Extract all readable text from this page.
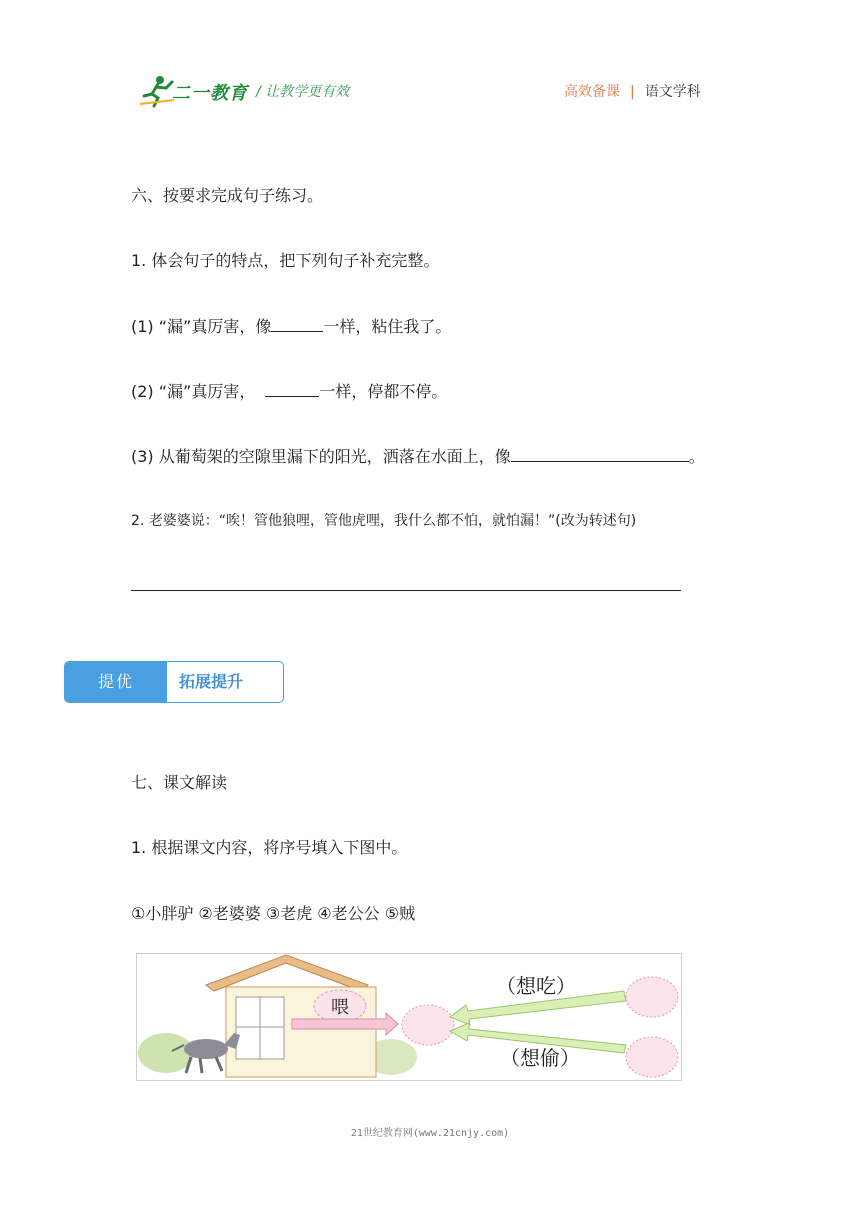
二一教育 / 让教学更有效	高效备课 | 语文学科
六、按要求完成句子练习。
1. 体会句子的特点，把下列句子补充完整。
(1) “漏”真厉害，像	一样，粘住我了。
(2) “漏”真厉害，	一样，停都不停。
(3) 从葡萄架的空隙里漏下的阳光，洒落在水面上，像	。
2. 老婆婆说：“唉！管他狼哩，管他虎哩，我什么都不怕，就怕漏！”(改为转述句)
提优	拓展提升
七、课文解读
1. 根据课文内容，将序号填入下图中。
①小胖驴 ②老婆婆 ③老虎 ④老公公 ⑤贼
喂
（想吃）
（想偷）
21世纪教育网(www.21cnjy.com)
